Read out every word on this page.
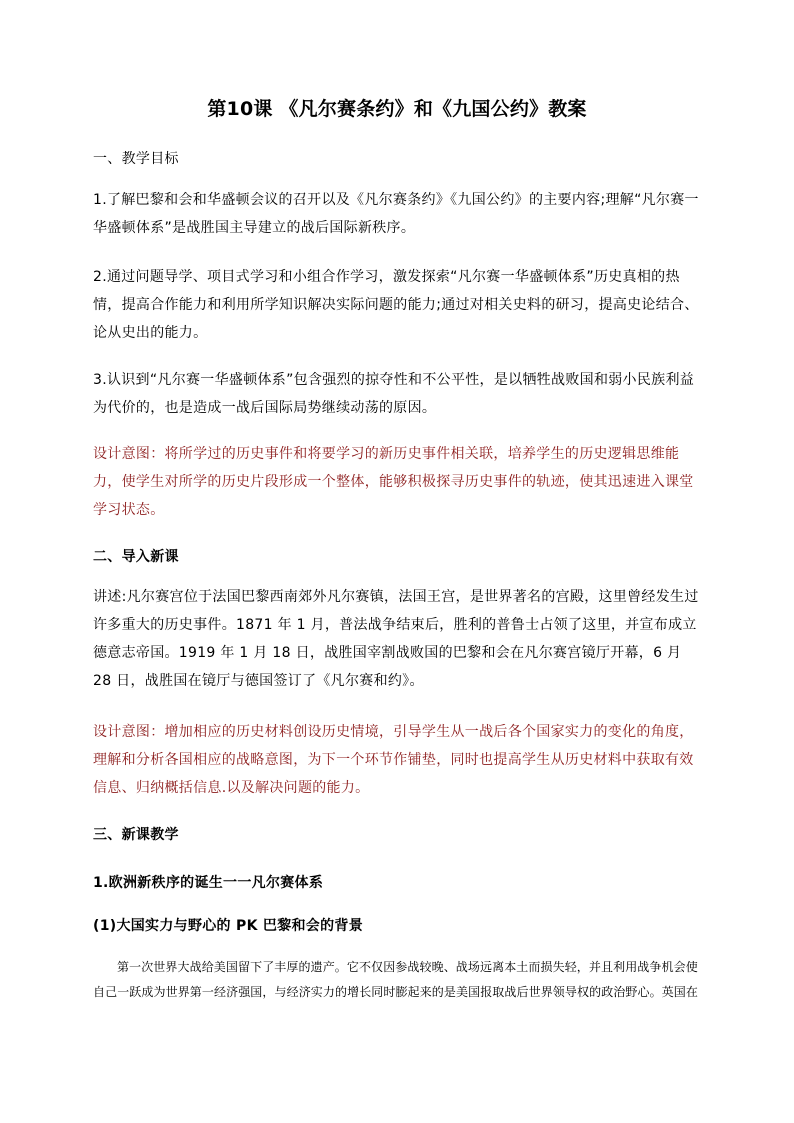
第10课 《凡尔赛条约》和《九国公约》教案
一、教学目标
1.了解巴黎和会和华盛顿会议的召开以及《凡尔赛条约》《九国公约》的主要内容;理解“凡尔赛一华盛顿体系”是战胜国主导建立的战后国际新秩序。
2.通过问题导学、项目式学习和小组合作学习，激发探索“凡尔赛一华盛顿体系”历史真相的热情，提高合作能力和利用所学知识解决实际问题的能力;通过对相关史料的研习，提高史论结合、论从史出的能力。
3.认识到“凡尔赛一华盛顿体系”包含强烈的掠夺性和不公平性，是以牺牲战败国和弱小民族利益为代价的，也是造成一战后国际局势继续动荡的原因。
设计意图：将所学过的历史事件和将要学习的新历史事件相关联，培养学生的历史逻辑思维能力，使学生对所学的历史片段形成一个整体，能够积极探寻历史事件的轨迹，使其迅速进入课堂学习状态。
二、导入新课
讲述:凡尔赛宫位于法国巴黎西南郊外凡尔赛镇，法国王宫，是世界著名的宫殿，这里曾经发生过许多重大的历史事件。1871 年 1 月，普法战争结束后，胜利的普鲁士占领了这里，并宣布成立德意志帝国。1919 年 1 月 18 日，战胜国宰割战败国的巴黎和会在凡尔赛宫镜厅开幕，6 月 28 日，战胜国在镜厅与德国签订了《凡尔赛和约》。
设计意图：增加相应的历史材料创设历史情境，引导学生从一战后各个国家实力的变化的角度，理解和分析各国相应的战略意图，为下一个环节作铺垫，同时也提高学生从历史材料中获取有效信息、归纳概括信息.以及解决问题的能力。
三、新课教学
1.欧洲新秩序的诞生一一凡尔赛体系
(1)大国实力与野心的 PK 巴黎和会的背景
第一次世界大战给美国留下了丰厚的遗产。它不仅因参战较晚、战场远离本土而损失轻，并且利用战争机会使自己一跃成为世界第一经济强国，与经济实力的增长同时膨起来的是美国报取战后世界领导权的政治野心。英国在
